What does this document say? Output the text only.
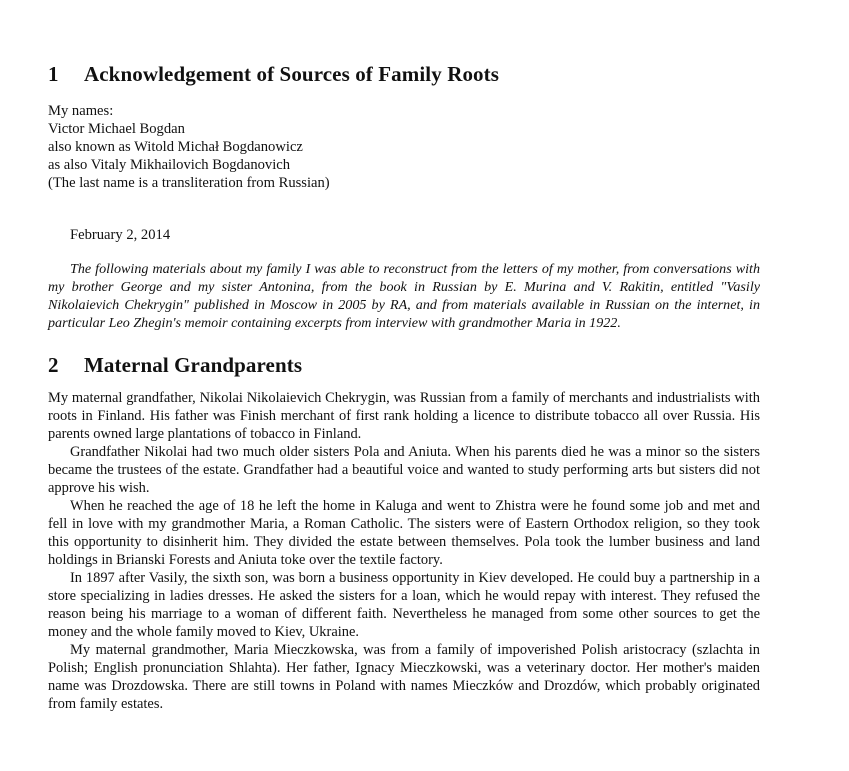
1 Acknowledgement of Sources of Family Roots
My names:
Victor Michael Bogdan
also known as Witold Michał Bogdanowicz
as also Vitaly Mikhailovich Bogdanovich
(The last name is a transliteration from Russian)
February 2, 2014

The following materials about my family I was able to reconstruct from the letters of my mother, from conversations with my brother George and my sister Antonina, from the book in Russian by E. Murina and V. Rakitin, entitled "Vasily Nikolaievich Chekrygin" published in Moscow in 2005 by RA, and from materials available in Russian on the internet, in particular Leo Zhegin's memoir containing excerpts from interview with grandmother Maria in 1922.

2 Maternal Grandparents

My maternal grandfather, Nikolai Nikolaievich Chekrygin, was Russian from a family of merchants and industrialists with roots in Finland. His father was Finish merchant of first rank holding a licence to distribute tobacco all over Russia. His parents owned large plantations of tobacco in Finland.

Grandfather Nikolai had two much older sisters Pola and Aniuta. When his parents died he was a minor so the sisters became the trustees of the estate. Grandfather had a beautiful voice and wanted to study performing arts but sisters did not approve his wish.

When he reached the age of 18 he left the home in Kaluga and went to Zhistra were he found some job and met and fell in love with my grandmother Maria, a Roman Catholic. The sisters were of Eastern Orthodox religion, so they took this opportunity to disinherit him. They divided the estate between themselves. Pola took the lumber business and land holdings in Brianski Forests and Aniuta toke over the textile factory.

In 1897 after Vasily, the sixth son, was born a business opportunity in Kiev developed. He could buy a partnership in a store specializing in ladies dresses. He asked the sisters for a loan, which he would repay with interest. They refused the reason being his marriage to a woman of different faith. Nevertheless he managed from some other sources to get the money and the whole family moved to Kiev, Ukraine.

My maternal grandmother, Maria Mieczkowska, was from a family of impoverished Polish aristocracy (szlachta in Polish; English pronunciation Shlahta). Her father, Ignacy Mieczkowski, was a veterinary doctor. Her mother's maiden name was Drozdowska. There are still towns in Poland with names Mieczków and Drozdów, which probably originated from family estates.
